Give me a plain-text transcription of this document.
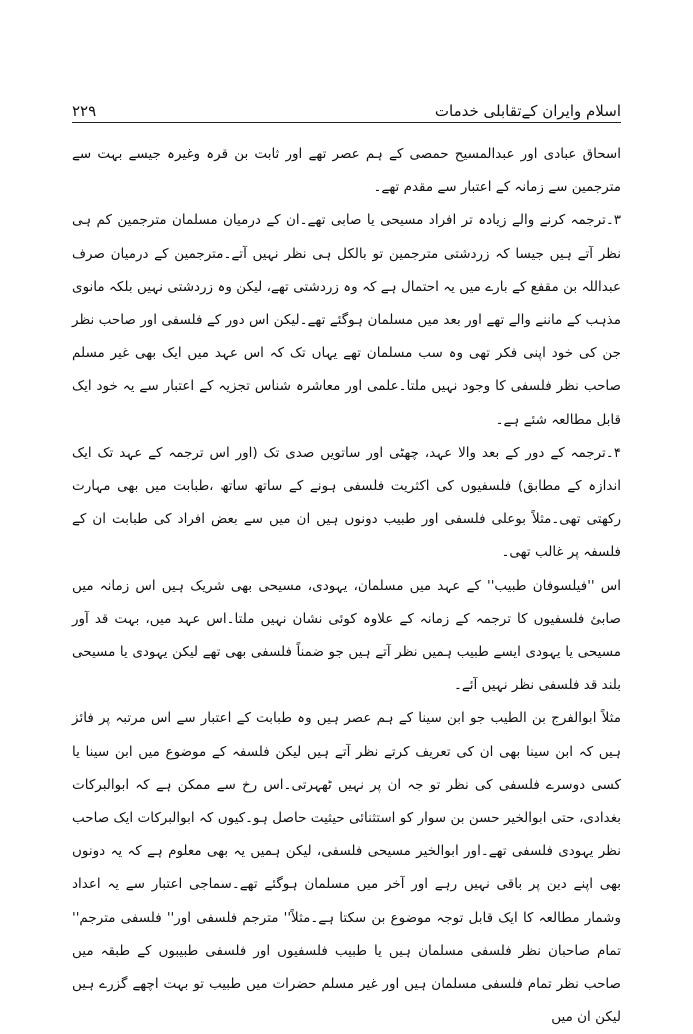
۲۲۹	اسلام وایران کےتقابلی خدمات

اسحاق عبادی اور عبدالمسیح حمصی کے ہم عصر تھے اور ثابت بن قرہ وغیرہ جیسے بہت سے مترجمین سے زمانہ کے اعتبار سے مقدم تھے۔

۳۔ترجمہ کرنے والے زیادہ تر افراد مسیحی یا صابی تھے۔ان کے درمیان مسلمان مترجمین کم ہی نظر آتے ہیں جیسا کہ زردشتی مترجمین تو بالکل ہی نظر نہیں آتے۔مترجمین کے درمیان صرف عبداللہ بن مقفع کے بارے میں یہ احتمال ہے کہ وہ زردشتی تھے، لیکن وہ زردشتی نہیں بلکہ مانوی مذہب کے ماننے والے تھے اور بعد میں مسلمان ہوگئے تھے۔لیکن اس دور کے فلسفی اور صاحب نظر جن کی خود اپنی فکر تھی وہ سب مسلمان تھے یہاں تک کہ اس عہد میں ایک بھی غیر مسلم صاحب نظر فلسفی کا وجود نہیں ملتا۔علمی اور معاشرہ شناس تجزیہ کے اعتبار سے یہ خود ایک قابل مطالعہ شئے ہے۔

۴۔ترجمہ کے دور کے بعد والا عہد، چھٹی اور ساتویں صدی تک (اور اس ترجمہ کے عہد تک ایک اندازہ کے مطابق) فلسفیوں کی اکثریت فلسفی ہونے کے ساتھ ساتھ ،طبابت میں بھی مہارت رکھتی تھی۔مثلاً بوعلی فلسفی اور طبیب دونوں ہیں ان میں سے بعض افراد کی طبابت ان کے فلسفہ پر غالب تھی۔

اس ''فیلسوفان طبیب'' کے عہد میں مسلمان، یہودی، مسیحی بھی شریک ہیں اس زمانہ میں صابئ فلسفیوں کا ترجمہ کے زمانہ کے علاوہ کوئی نشان نہیں ملتا۔اس عہد میں، بہت قد آور مسیحی یا یہودی ایسے طبیب ہمیں نظر آتے ہیں جو ضمناً فلسفی بھی تھے لیکن یہودی یا مسیحی بلند قد فلسفی نظر نہیں آئے۔

مثلاً ابوالفرج بن الطیب جو ابن سینا کے ہم عصر ہیں وہ طبابت کے اعتبار سے اس مرتبہ پر فائز ہیں کہ ابن سینا بھی ان کی تعریف کرتے نظر آتے ہیں لیکن فلسفہ کے موضوع میں ابن سینا یا کسی دوسرے فلسفی کی نظر تو جہ ان پر نہیں ٹھہرتی۔اس رخ سے ممکن ہے کہ ابوالبرکات بغدادی، حتی ابوالخیر حسن بن سوار کو استثنائی حیثیت حاصل ہو۔کیوں کہ ابوالبرکات ایک صاحب نظر یہودی فلسفی تھے۔اور ابوالخیر مسیحی فلسفی، لیکن ہمیں یہ بھی معلوم ہے کہ یہ دونوں بھی اپنے دین پر باقی نہیں رہے اور آخر میں مسلمان ہوگئے تھے۔سماجی اعتبار سے یہ اعداد وشمار مطالعہ کا ایک قابل توجہ موضوع بن سکتا ہے۔مثلاً'' مترجم فلسفی اور'' فلسفی مترجم'' تمام صاحبان نظر فلسفی مسلمان ہیں یا طبیب فلسفیوں اور فلسفی طبیبوں کے طبقہ میں صاحب نظر تمام فلسفی مسلمان ہیں اور غیر مسلم حضرات میں طبیب تو بہت اچھے گزرے ہیں لیکن ان میں
